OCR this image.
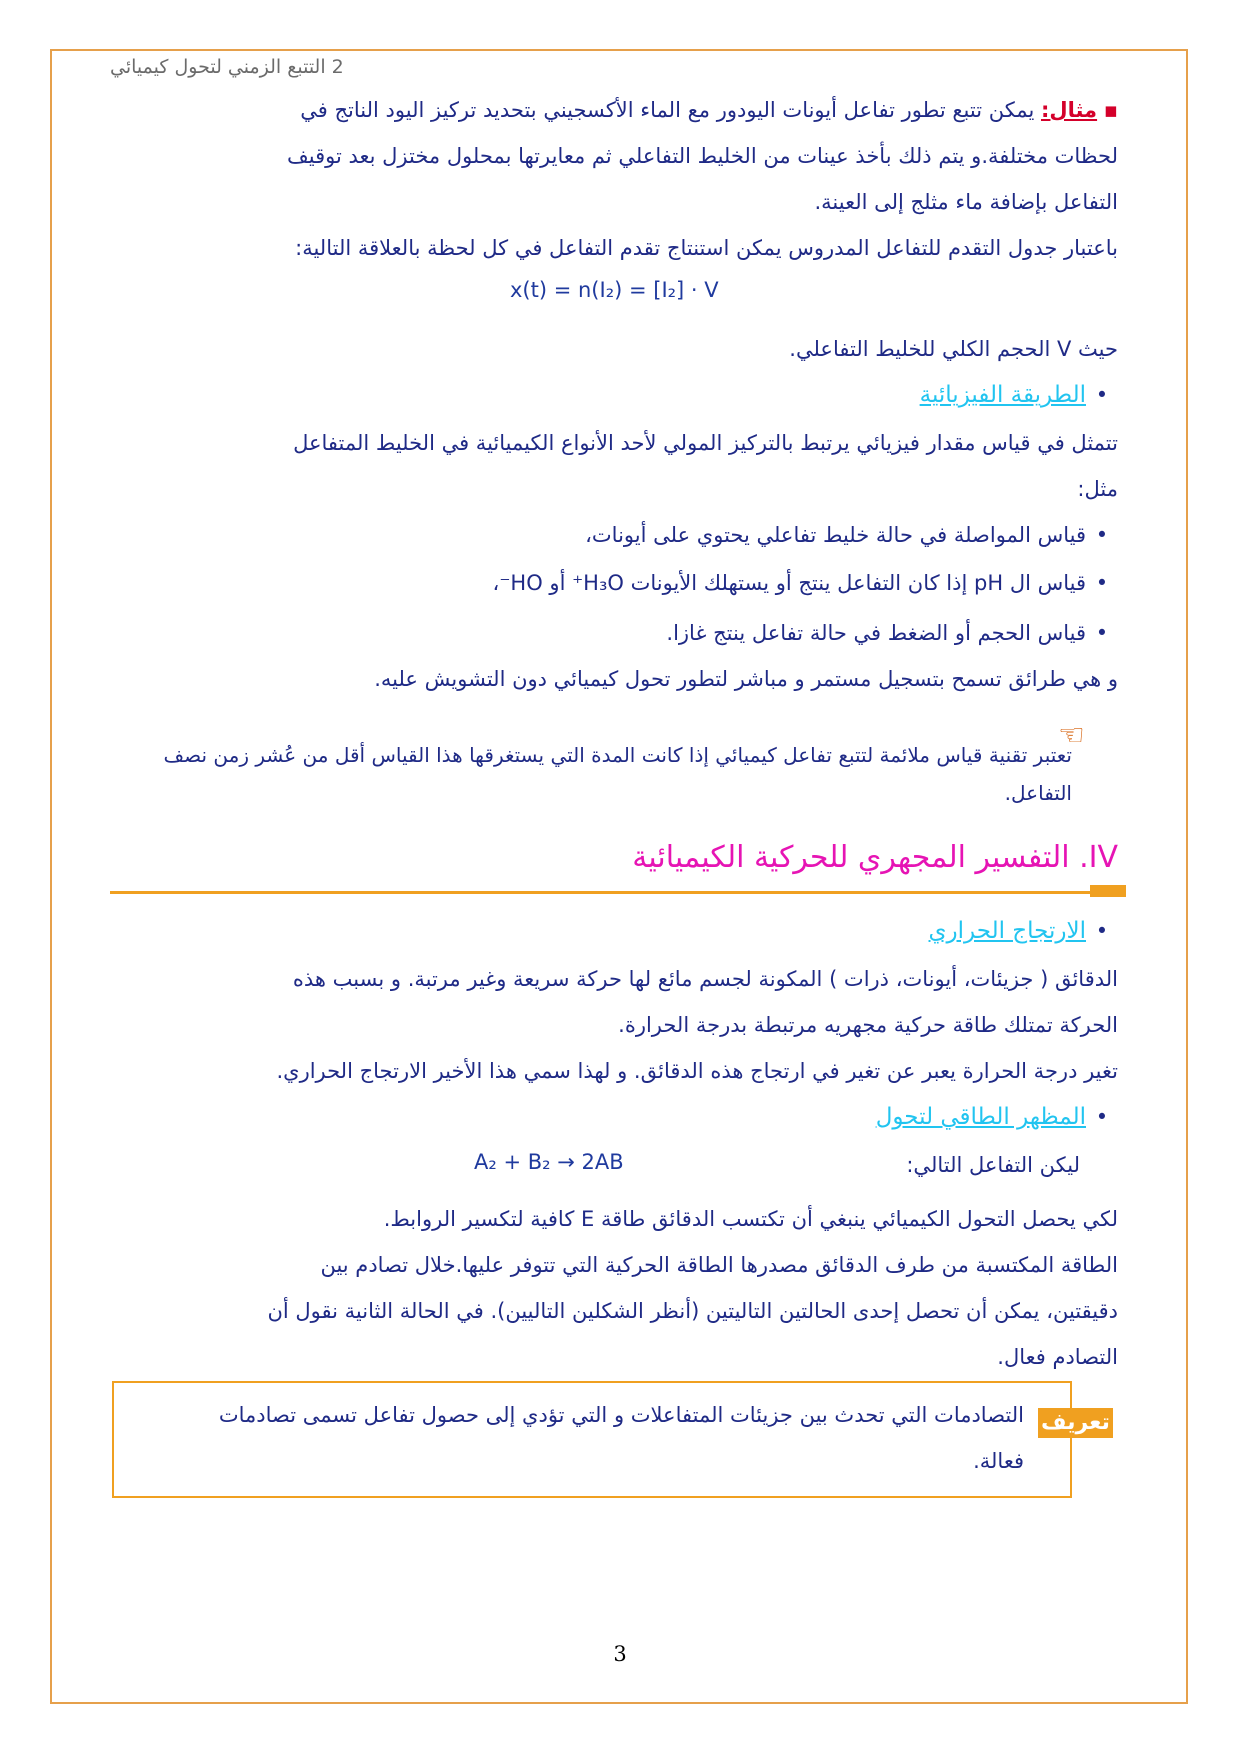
2 التتبع الزمني لتحول كيميائي
▪ مثال: يمكن تتبع تطور تفاعل أيونات اليودور مع الماء الأكسجيني بتحديد تركيز اليود الناتج في
لحظات مختلفة.و يتم ذلك بأخذ عينات من الخليط التفاعلي ثم معايرتها بمحلول مختزل بعد توقيف
التفاعل بإضافة ماء مثلج إلى العينة.
باعتبار جدول التقدم للتفاعل المدروس يمكن استنتاج تقدم التفاعل في كل لحظة بالعلاقة التالية:
x(t) = n(I₂) = [I₂] · V
حيث V الحجم الكلي للخليط التفاعلي.
•الطريقة الفيزيائية
تتمثل في قياس مقدار فيزيائي يرتبط بالتركيز المولي لأحد الأنواع الكيميائية في الخليط المتفاعل
مثل:
•قياس المواصلة في حالة خليط تفاعلي يحتوي على أيونات،
•قياس ال pH إذا كان التفاعل ينتج أو يستهلك الأيونات H₃O⁺ أو HO⁻،
•قياس الحجم أو الضغط في حالة تفاعل ينتج غازا.
و هي طرائق تسمح بتسجيل مستمر و مباشر لتطور تحول كيميائي دون التشويش عليه.
☜
تعتبر تقنية قياس ملائمة لتتبع تفاعل كيميائي إذا كانت المدة التي يستغرقها هذا القياس أقل من عُشر زمن نصف التفاعل.
IV. التفسير المجهري للحركية الكيميائية
•الارتجاج الحراري
الدقائق ( جزيئات، أيونات، ذرات ) المكونة لجسم مائع لها حركة سريعة وغير مرتبة. و بسبب هذه
الحركة تمتلك طاقة حركية مجهريه مرتبطة بدرجة الحرارة.
تغير درجة الحرارة يعبر عن تغير في ارتجاج هذه الدقائق. و لهذا سمي هذا الأخير الارتجاج الحراري.
•المظهر الطاقي لتحول
ليكن التفاعل التالي:
A₂ + B₂ → 2AB
لكي يحصل التحول الكيميائي ينبغي أن تكتسب الدقائق طاقة E كافية لتكسير الروابط.
الطاقة المكتسبة من طرف الدقائق مصدرها الطاقة الحركية التي تتوفر عليها.خلال تصادم بين
دقيقتين، يمكن أن تحصل إحدى الحالتين التاليتين (أنظر الشكلين التاليين). في الحالة الثانية نقول أن
التصادم فعال.
تعريف
التصادمات التي تحدث بين جزيئات المتفاعلات و التي تؤدي إلى حصول تفاعل تسمى تصادمات فعالة.
3
